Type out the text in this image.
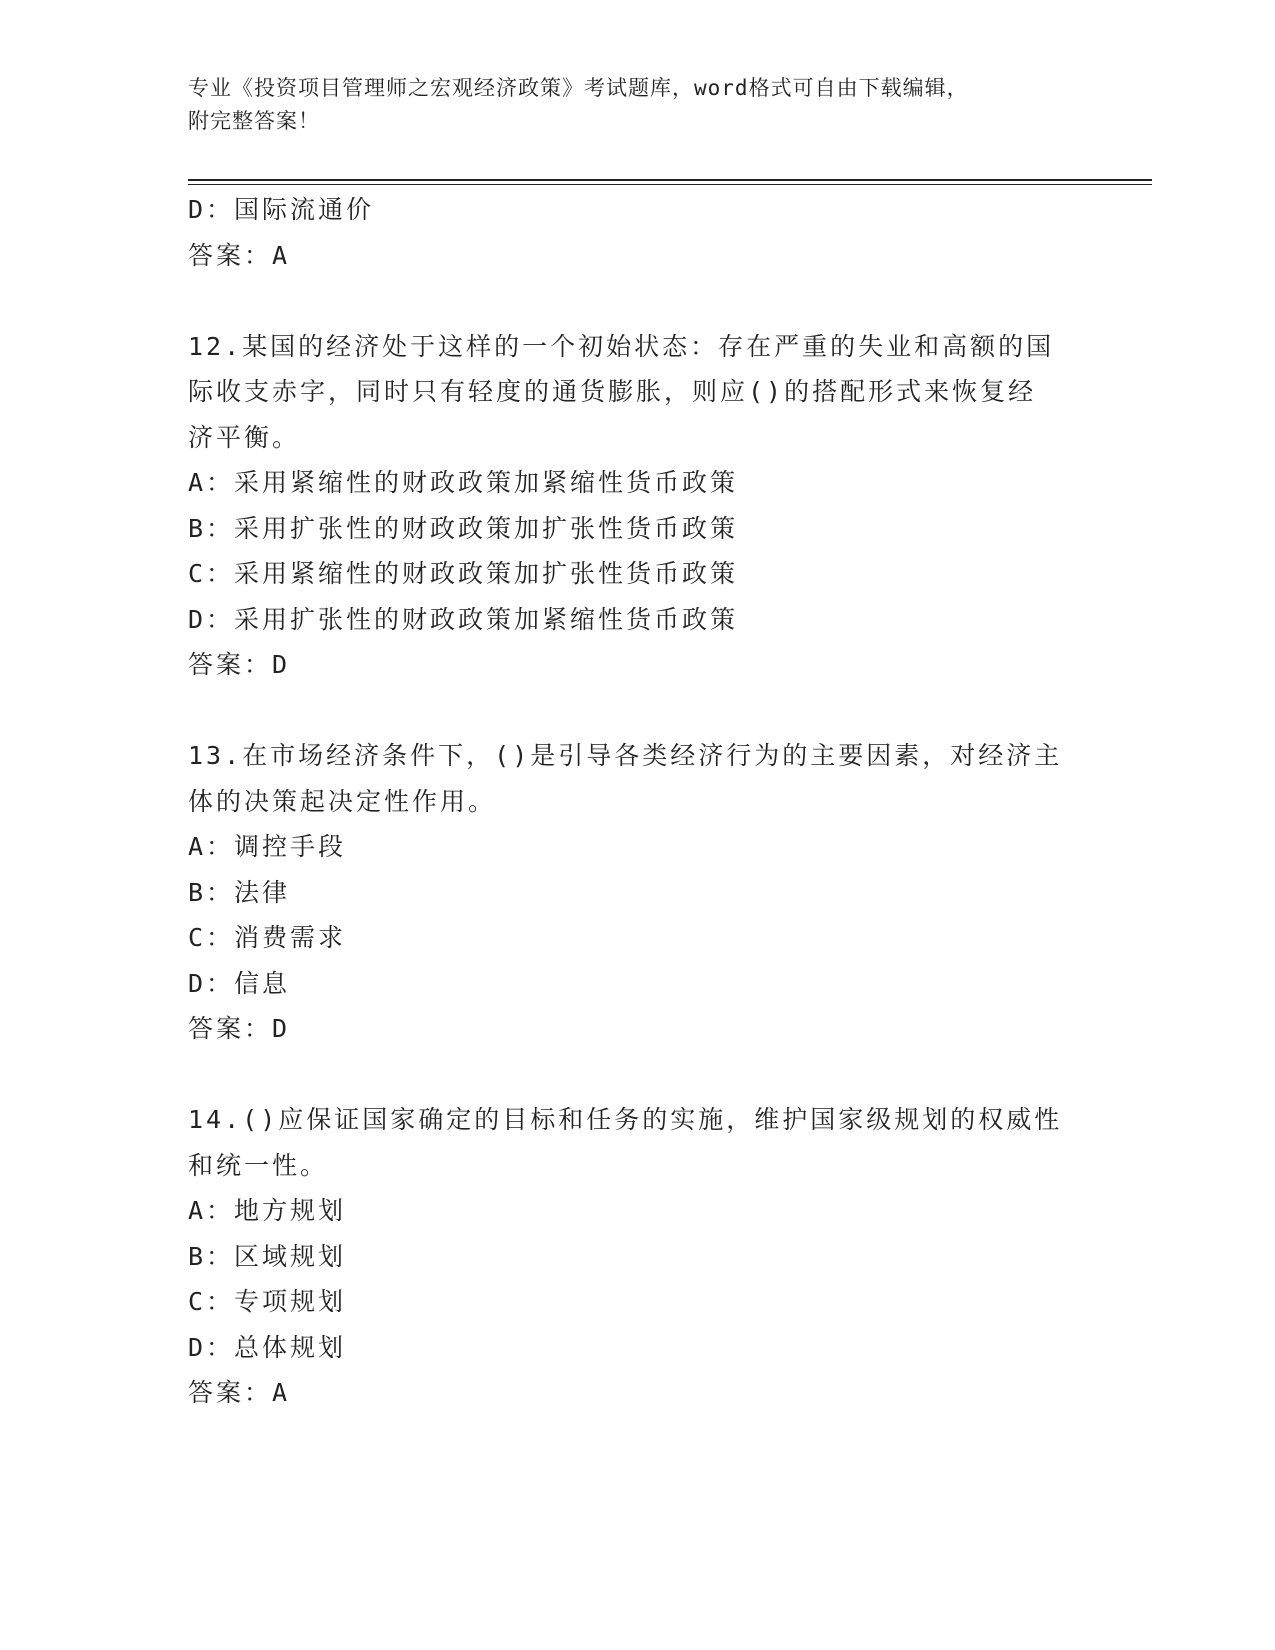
专业《投资项目管理师之宏观经济政策》考试题库，word格式可自由下载编辑，
附完整答案！
D：国际流通价
答案：A
12.某国的经济处于这样的一个初始状态：存在严重的失业和高额的国
际收支赤字，同时只有轻度的通货膨胀，则应()的搭配形式来恢复经
济平衡。
A：采用紧缩性的财政政策加紧缩性货币政策
B：采用扩张性的财政政策加扩张性货币政策
C：采用紧缩性的财政政策加扩张性货币政策
D：采用扩张性的财政政策加紧缩性货币政策
答案：D
13.在市场经济条件下，()是引导各类经济行为的主要因素，对经济主
体的决策起决定性作用。
A：调控手段
B：法律
C：消费需求
D：信息
答案：D
14.()应保证国家确定的目标和任务的实施，维护国家级规划的权威性
和统一性。
A：地方规划
B：区域规划
C：专项规划
D：总体规划
答案：A
